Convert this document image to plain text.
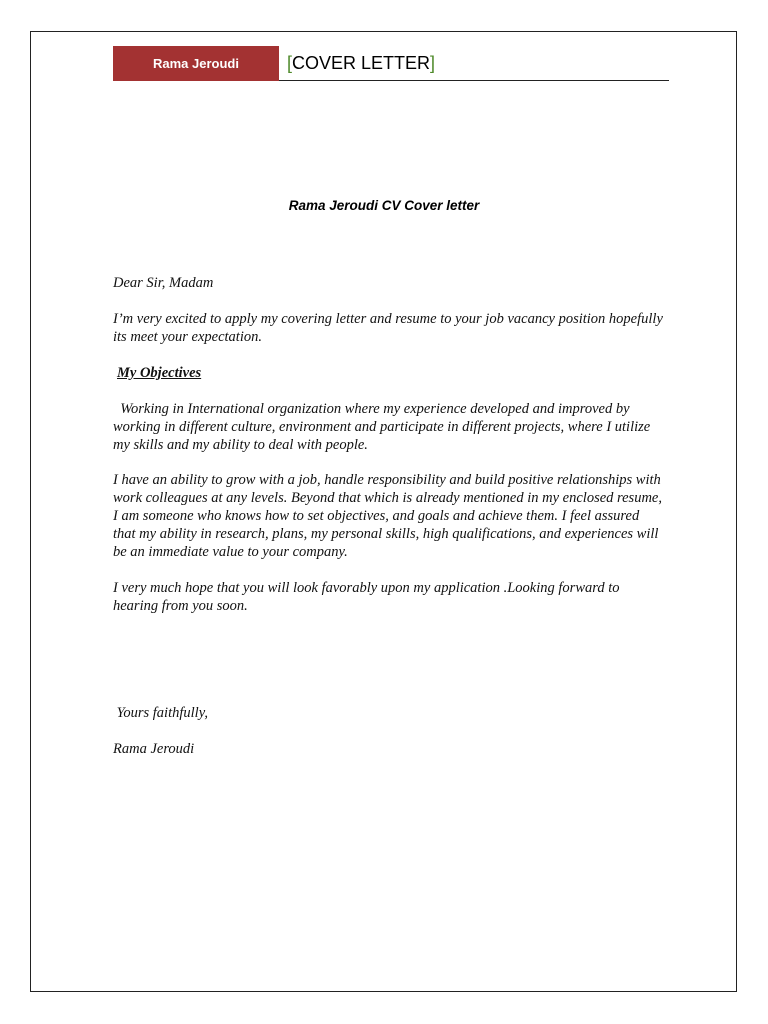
Rama Jeroudi	[COVER LETTER]
Rama Jeroudi CV Cover letter

Dear Sir, Madam

I’m very excited to apply my covering letter and resume to your job vacancy position hopefully its meet your expectation.

My Objectives

Working in International organization where my experience developed and improved by working in different culture, environment and participate in different projects, where I utilize my skills and my ability to deal with people.

I have an ability to grow with a job, handle responsibility and build positive relationships with work colleagues at any levels. Beyond that which is already mentioned in my enclosed resume, I am someone who knows how to set objectives, and goals and achieve them. I feel assured that my ability in research, plans, my personal skills, high qualifications, and experiences will be an immediate value to your company.

I very much hope that you will look favorably upon my application .Looking forward to hearing from you soon.

Yours faithfully,

Rama Jeroudi
